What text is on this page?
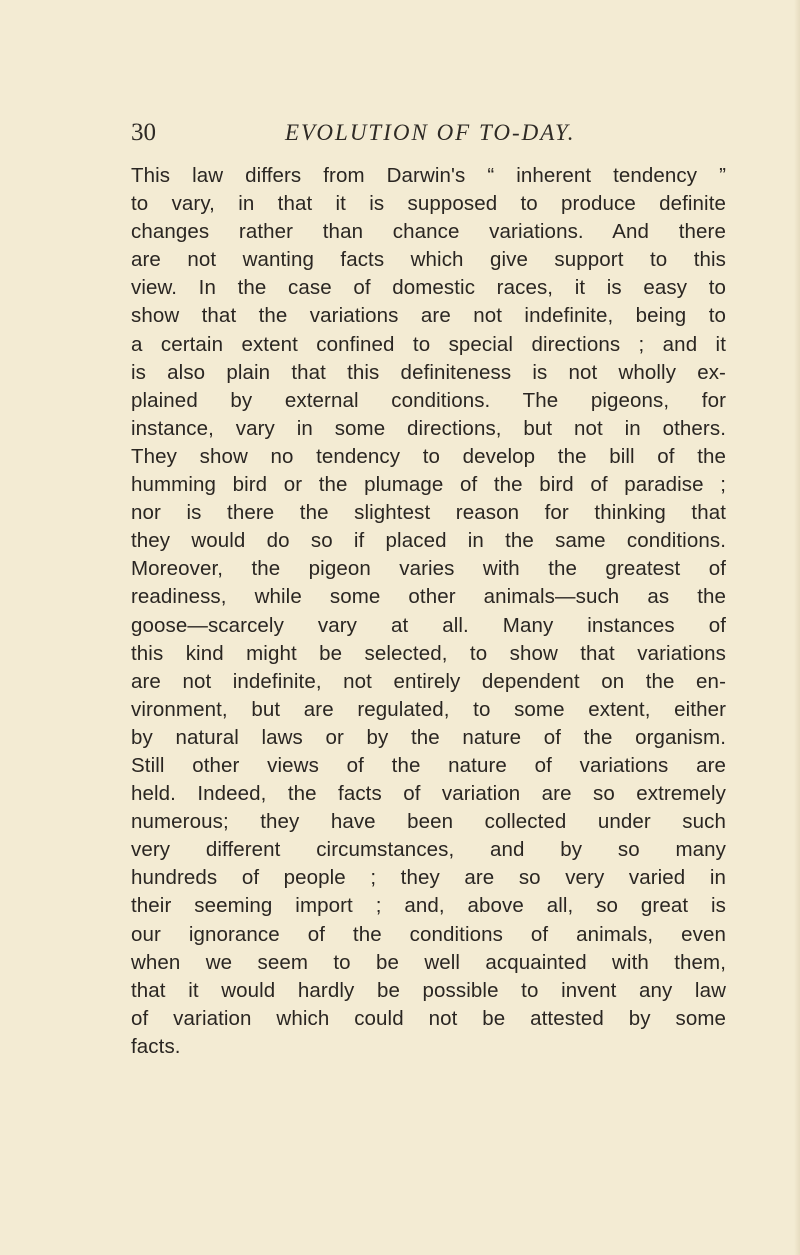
30	EVOLUTION OF TO-DAY.
This law differs from Darwin's “ inherent tendency ”
to vary, in that it is supposed to produce definite
changes rather than chance variations. And there
are not wanting facts which give support to this
view. In the case of domestic races, it is easy to
show that the variations are not indefinite, being to
a certain extent confined to special directions ; and it
is also plain that this definiteness is not wholly ex-
plained by external conditions. The pigeons, for
instance, vary in some directions, but not in others.
They show no tendency to develop the bill of the
humming bird or the plumage of the bird of paradise ;
nor is there the slightest reason for thinking that
they would do so if placed in the same conditions.
Moreover, the pigeon varies with the greatest of
readiness, while some other animals—such as the
goose—scarcely vary at all. Many instances of
this kind might be selected, to show that variations
are not indefinite, not entirely dependent on the en-
vironment, but are regulated, to some extent, either
by natural laws or by the nature of the organism.
Still other views of the nature of variations are
held. Indeed, the facts of variation are so extremely
numerous; they have been collected under such
very different circumstances, and by so many
hundreds of people ; they are so very varied in
their seeming import ; and, above all, so great is
our ignorance of the conditions of animals, even
when we seem to be well acquainted with them,
that it would hardly be possible to invent any law
of variation which could not be attested by some
facts.
